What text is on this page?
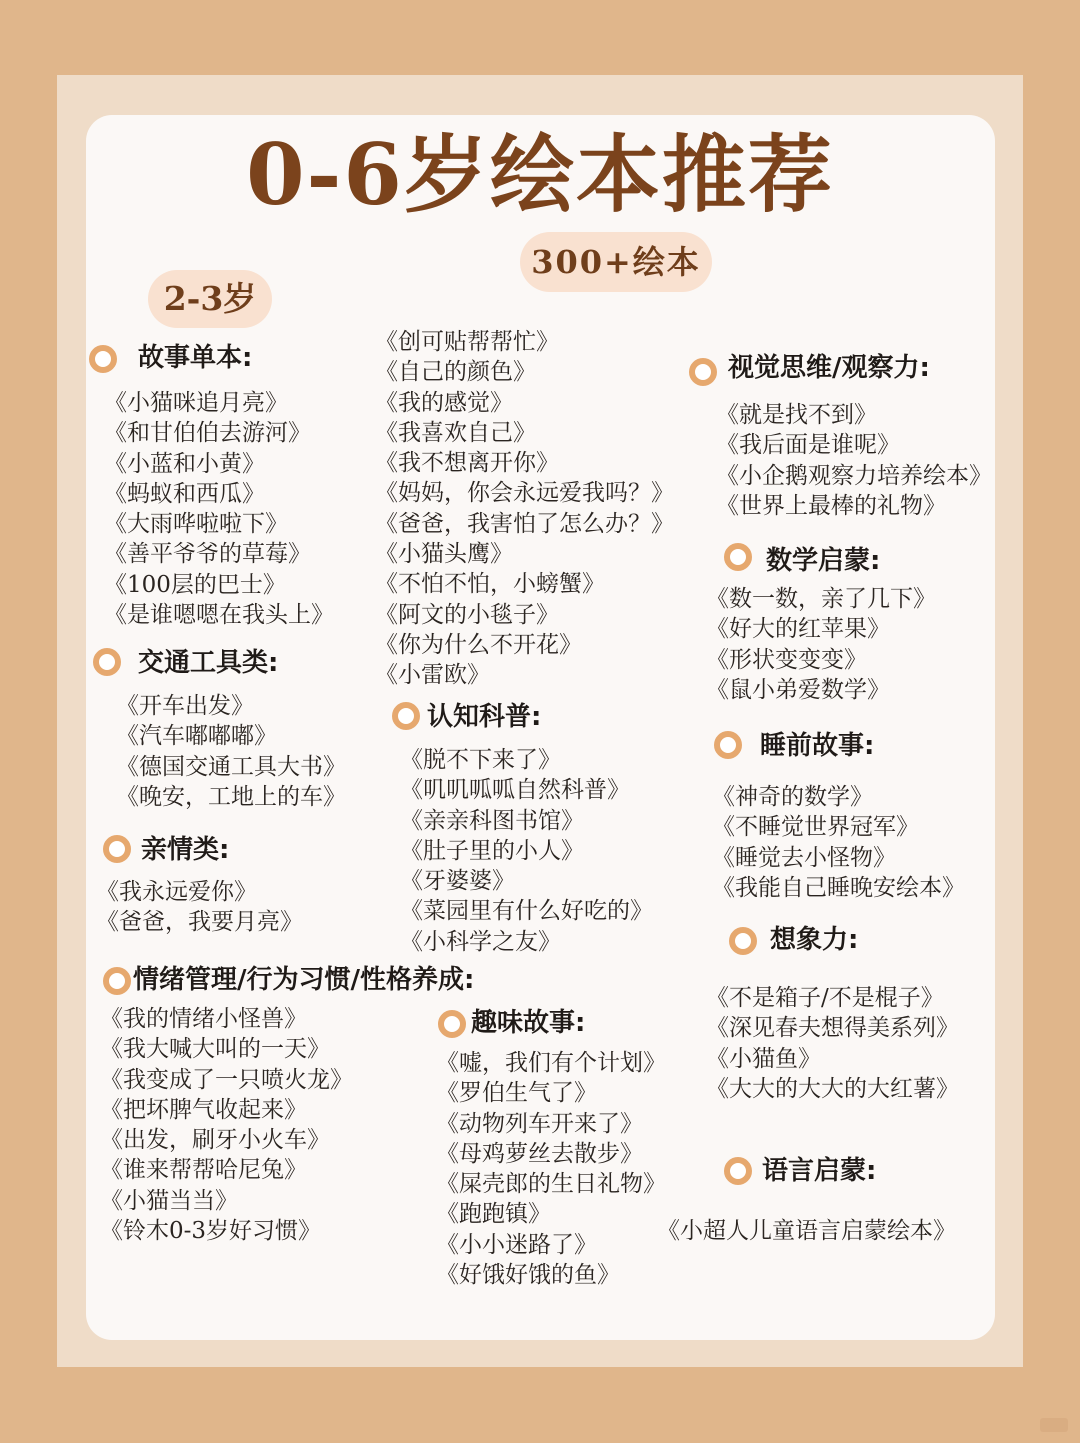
0-6岁绘本推荐
300+绘本
2-3岁
故事单本:
《小猫咪追月亮》
《和甘伯伯去游河》
《小蓝和小黄》
《蚂蚁和西瓜》
《大雨哗啦啦下》
《善平爷爷的草莓》
《100层的巴士》
《是谁嗯嗯在我头上》
《创可贴帮帮忙》
《自己的颜色》
《我的感觉》
《我喜欢自己》
《我不想离开你》
《妈妈，你会永远爱我吗？》
《爸爸，我害怕了怎么办？》
《小猫头鹰》
《不怕不怕，小螃蟹》
《阿文的小毯子》
《你为什么不开花》
《小雷欧》
视觉思维/观察力:
《就是找不到》
《我后面是谁呢》
《小企鹅观察力培养绘本》
《世界上最棒的礼物》
数学启蒙:
《数一数，亲了几下》
《好大的红苹果》
《形状变变变》
《鼠小弟爱数学》
交通工具类:
《开车出发》
《汽车嘟嘟嘟》
《德国交通工具大书》
《晚安，工地上的车》
认知科普:
《脱不下来了》
《叽叽呱呱自然科普》
《亲亲科图书馆》
《肚子里的小人》
《牙婆婆》
《菜园里有什么好吃的》
《小科学之友》
睡前故事:
《神奇的数学》
《不睡觉世界冠军》
《睡觉去小怪物》
《我能自己睡晚安绘本》
亲情类:
《我永远爱你》
《爸爸，我要月亮》
想象力:
《不是箱子/不是棍子》
《深见春夫想得美系列》
《小猫鱼》
《大大的大大的大红薯》
情绪管理/行为习惯/性格养成:
《我的情绪小怪兽》
《我大喊大叫的一天》
《我变成了一只喷火龙》
《把坏脾气收起来》
《出发，刷牙小火车》
《谁来帮帮哈尼兔》
《小猫当当》
《铃木0-3岁好习惯》
趣味故事:
《嘘，我们有个计划》
《罗伯生气了》
《动物列车开来了》
《母鸡萝丝去散步》
《屎壳郎的生日礼物》
《跑跑镇》
《小小迷路了》
《好饿好饿的鱼》
语言启蒙:
《小超人儿童语言启蒙绘本》
